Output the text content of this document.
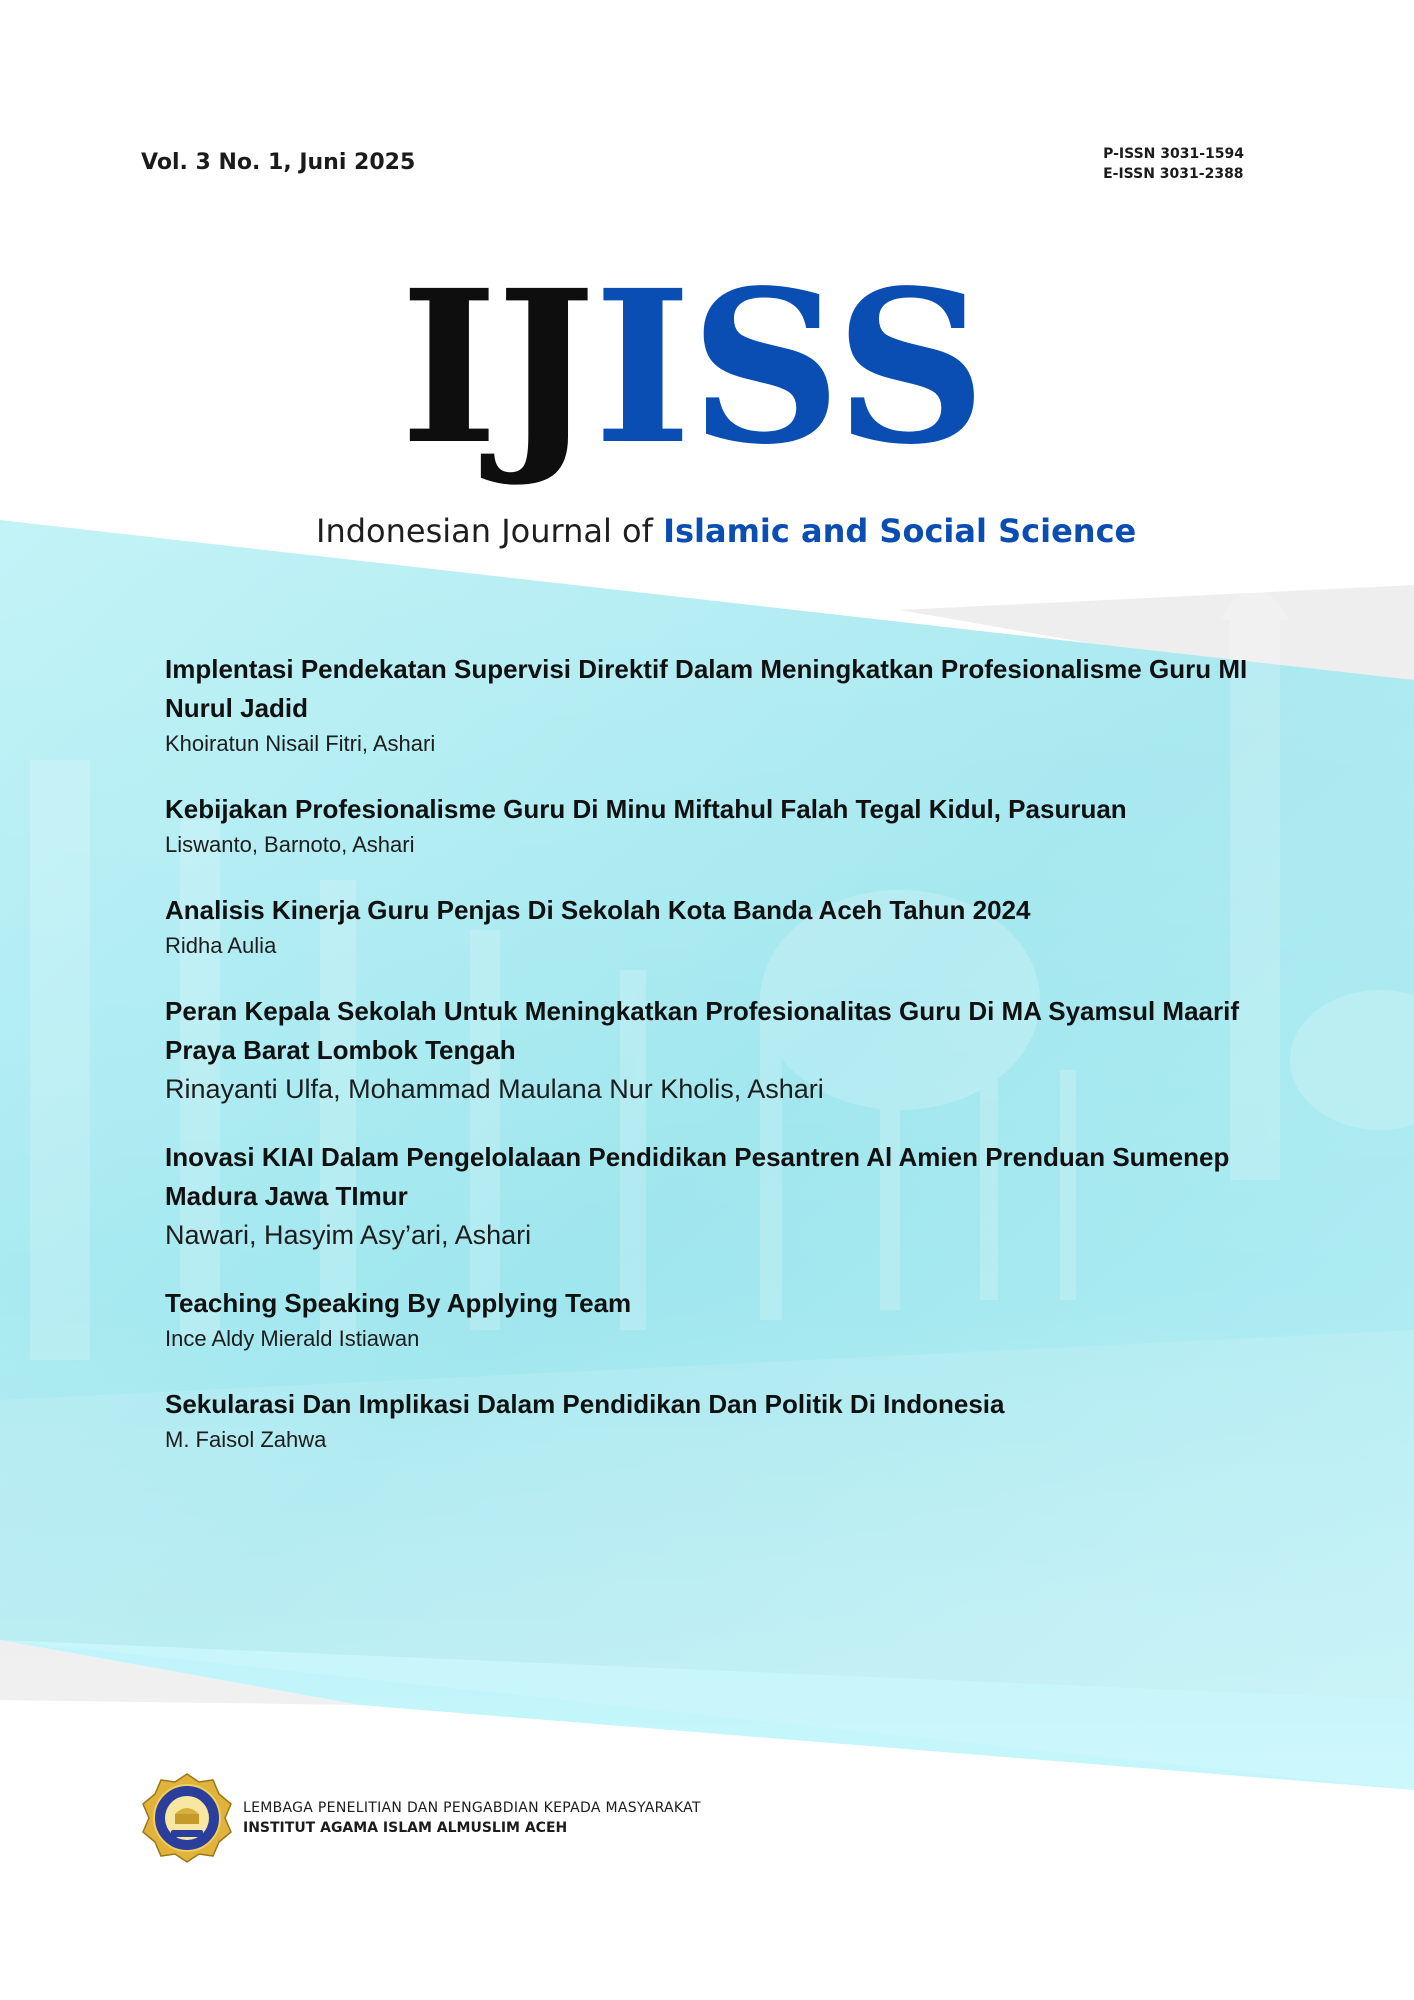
Vol. 3 No. 1, Juni 2025	P-ISSN 3031-1594
E-ISSN 3031-2388
IJISS
Indonesian Journal of Islamic and Social Science
Implentasi Pendekatan Supervisi Direktif Dalam Meningkatkan Profesionalisme Guru MI Nurul Jadid
Khoiratun Nisail Fitri, Ashari
Kebijakan Profesionalisme Guru Di Minu Miftahul Falah Tegal Kidul, Pasuruan
Liswanto, Barnoto, Ashari
Analisis Kinerja Guru Penjas Di Sekolah Kota Banda Aceh Tahun 2024
Ridha Aulia
Peran Kepala Sekolah Untuk Meningkatkan Profesionalitas Guru Di MA Syamsul Maarif Praya Barat Lombok Tengah
Rinayanti Ulfa, Mohammad Maulana Nur Kholis, Ashari
Inovasi KIAI Dalam Pengelolalaan Pendidikan Pesantren Al Amien Prenduan Sumenep Madura Jawa TImur
Nawari, Hasyim Asy’ari, Ashari
Teaching Speaking By Applying Team
Ince Aldy Mierald Istiawan
Sekularasi Dan Implikasi Dalam Pendidikan Dan Politik Di Indonesia
M. Faisol Zahwa
LEMBAGA PENELITIAN DAN PENGABDIAN KEPADA MASYARAKAT
INSTITUT AGAMA ISLAM ALMUSLIM ACEH
